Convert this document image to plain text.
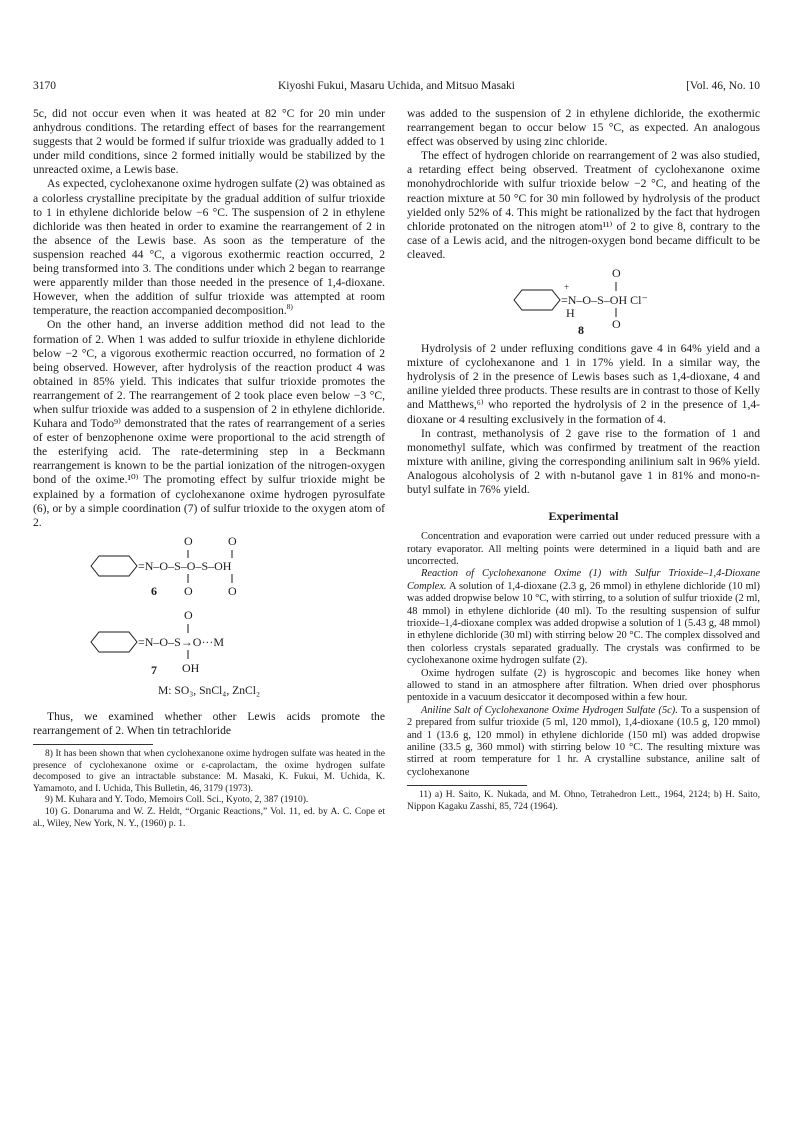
3170	Kiyoshi Fukui, Masaru Uchida, and Mitsuo Masaki	[Vol. 46, No. 10

5c, did not occur even when it was heated at 82 °C for 20 min under anhydrous conditions. The retarding effect of bases for the rearrangement suggests that 2 would be formed if sulfur trioxide was gradually added to 1 under mild conditions, since 2 formed initially would be stabilized by the unreacted oxime, a Lewis base.

As expected, cyclohexanone oxime hydrogen sulfate (2) was obtained as a colorless crystalline precipitate by the gradual addition of sulfur trioxide to 1 in ethylene dichloride below −6 °C. The suspension of 2 in ethylene dichloride was then heated in order to examine the rearrangement of 2 in the absence of the Lewis base. As soon as the temperature of the suspension reached 44 °C, a vigorous exothermic reaction occurred, 2 being transformed into 3. The conditions under which 2 began to rearrange were apparently milder than those needed in the presence of 1,4-dioxane. However, when the addition of sulfur trioxide was attempted at room temperature, the reaction accompanied decomposition.$^{8)}$

On the other hand, an inverse addition method did not lead to the formation of 2. When 1 was added to sulfur trioxide in ethylene dichloride below −2 °C, a vigorous exothermic reaction occurred, no formation of 2 being observed. However, after hydrolysis of the reaction product 4 was obtained in 85% yield. This indicates that sulfur trioxide promotes the rearrangement of 2. The rearrangement of 2 took place even below −3 °C, when sulfur trioxide was added to a suspension of 2 in ethylene dichloride. Kuhara and Todo⁹⁾ demonstrated that the rates of rearrangement of a series of ester of benzophenone oxime were proportional to the acid strength of the esterifying acid. The rate-determining step in a Beckmann rearrangement is known to be the partial ionization of the nitrogen-oxygen bond of the oxime.¹⁰⁾ The promoting effect by sulfur trioxide might be explained by a formation of cyclohexanone oxime hydrogen pyrosulfate (6), or by a simple coordination (7) of sulfur trioxide to the oxygen atom of 2.

=N–O–S–O–S–OH
O	O
O	O
6
O
=N–O–S→O···M
OH
7
M: SO₃, SnCl₄, ZnCl₂

Thus, we examined whether other Lewis acids promote the rearrangement of 2. When tin tetrachloride

8) It has been shown that when cyclohexanone oxime hydrogen sulfate was heated in the presence of cyclohexanone oxime or ε-caprolactam, the oxime hydrogen sulfate decomposed to give an intractable substance: M. Masaki, K. Fukui, M. Uchida, K. Yamamoto, and I. Uchida, This Bulletin, 46, 3179 (1973).

9) M. Kuhara and Y. Todo, Memoirs Coll. Sci., Kyoto, 2, 387 (1910).

10) G. Donaruma and W. Z. Heldt, “Organic Reactions,” Vol. 11, ed. by A. C. Cope et al., Wiley, New York, N. Y., (1960) p. 1.

was added to the suspension of 2 in ethylene dichloride, the exothermic rearrangement began to occur below 15 °C, as expected. An analogous effect was observed by using zinc chloride.

The effect of hydrogen chloride on rearrangement of 2 was also studied, a retarding effect being observed. Treatment of cyclohexanone oxime monohydrochloride with sulfur trioxide below −2 °C, and heating of the reaction mixture at 50 °C for 30 min followed by hydrolysis of the product yielded only 52% of 4. This might be rationalized by the fact that hydrogen chloride protonated on the nitrogen atom¹¹⁾ of 2 to give 8, contrary to the case of a Lewis acid, and the nitrogen-oxygen bond became difficult to be cleaved.

O
+
=N–O–S–OH Cl⁻
H
O
8

Hydrolysis of 2 under refluxing conditions gave 4 in 64% yield and a mixture of cyclohexanone and 1 in 17% yield. In a similar way, the hydrolysis of 2 in the presence of Lewis bases such as 1,4-dioxane, 4 and aniline yielded three products. These results are in contrast to those of Kelly and Matthews,⁶⁾ who reported the hydrolysis of 2 in the presence of 1,4-dioxane or 4 resulting exclusively in the formation of 4.

In contrast, methanolysis of 2 gave rise to the formation of 1 and monomethyl sulfate, which was confirmed by treatment of the reaction mixture with aniline, giving the corresponding anilinium salt in 96% yield. Analogous alcoholysis of 2 with n-butanol gave 1 in 81% and mono-n-butyl sulfate in 76% yield.

Experimental

Concentration and evaporation were carried out under reduced pressure with a rotary evaporator. All melting points were determined in a liquid bath and are uncorrected.

Reaction of Cyclohexanone Oxime (1) with Sulfur Trioxide–1,4-Dioxane Complex. A solution of 1,4-dioxane (2.3 g, 26 mmol) in ethylene dichloride (10 ml) was added dropwise below 10 °C, with stirring, to a solution of sulfur trioxide (2 ml, 48 mmol) in ethylene dichloride (40 ml). To the resulting suspension of sulfur trioxide–1,4-dioxane complex was added dropwise a solution of 1 (5.43 g, 48 mmol) in ethylene dichloride (30 ml) with stirring below 20 °C. The complex dissolved and then colorless crystals separated gradually. The crystals was confirmed to be cyclohexanone oxime hydrogen sulfate (2).

Oxime hydrogen sulfate (2) is hygroscopic and becomes like honey when allowed to stand in an atmosphere after filtration. When dried over phosphorus pentoxide in a vacuum desiccator it decomposed within a few hour.

Aniline Salt of Cyclohexanone Oxime Hydrogen Sulfate (5c). To a suspension of 2 prepared from sulfur trioxide (5 ml, 120 mmol), 1,4-dioxane (10.5 g, 120 mmol) and 1 (13.6 g, 120 mmol) in ethylene dichloride (150 ml) was added dropwise aniline (33.5 g, 360 mmol) with stirring below 10 °C. The resulting mixture was stirred at room temperature for 1 hr. A crystalline substance, aniline salt of cyclohexanone

11) a) H. Saito, K. Nukada, and M. Ohno, Tetrahedron Lett., 1964, 2124; b) H. Saito, Nippon Kagaku Zasshi, 85, 724 (1964).
